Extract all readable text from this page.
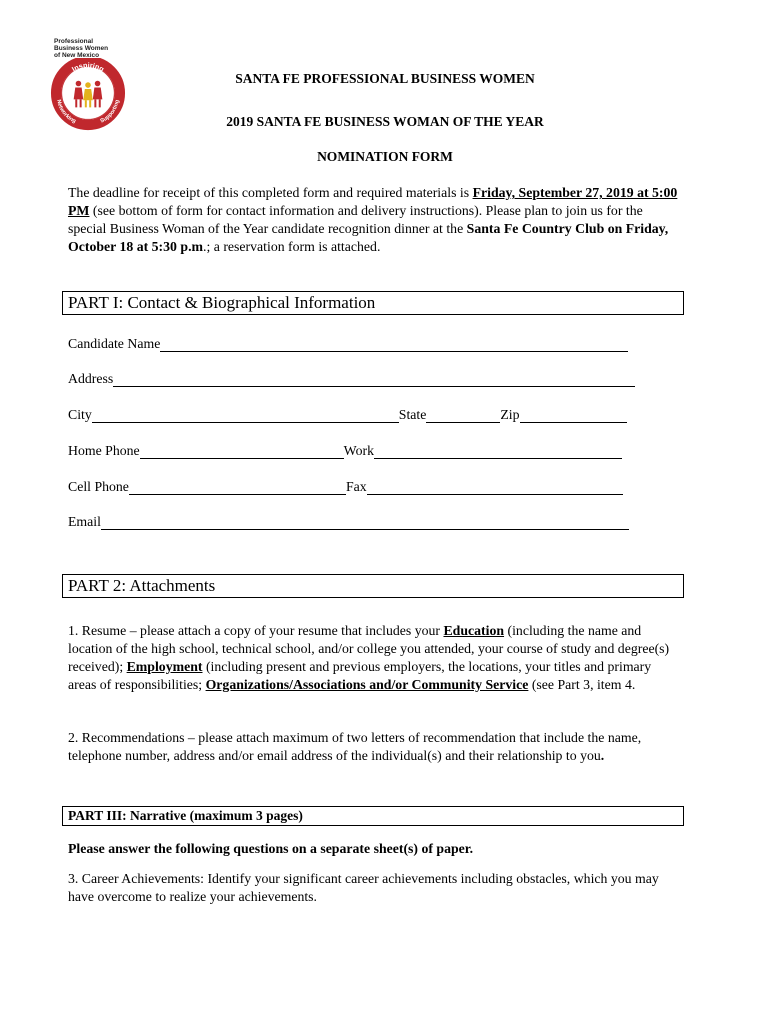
Professional
Business Women
of New Mexico
Inspiring
Networking	Supporting
SANTA FE PROFESSIONAL BUSINESS WOMEN
2019 SANTA FE BUSINESS WOMAN OF THE YEAR
NOMINATION FORM

The deadline for receipt of this completed form and required materials is Friday, September 27, 2019 at 5:00 PM (see bottom of form for contact information and delivery instructions). Please plan to join us for the special Business Woman of the Year candidate recognition dinner at the Santa Fe Country Club on Friday, October 18 at 5:30 p.m.; a reservation form is attached.

PART I: Contact & Biographical Information
Candidate Name
Address
City	State	Zip
Home Phone	Work
Cell Phone	Fax
Email
PART 2: Attachments

1. Resume – please attach a copy of your resume that includes your Education (including the name and location of the high school, technical school, and/or college you attended, your course of study and degree(s) received); Employment (including present and previous employers, the locations, your titles and primary areas of responsibilities; Organizations/Associations and/or Community Service (see Part 3, item 4.

2. Recommendations – please attach maximum of two letters of recommendation that include the name, telephone number, address and/or email address of the individual(s) and their relationship to you.

PART III: Narrative (maximum 3 pages)

Please answer the following questions on a separate sheet(s) of paper.

3. Career Achievements: Identify your significant career achievements including obstacles, which you may have overcome to realize your achievements.
